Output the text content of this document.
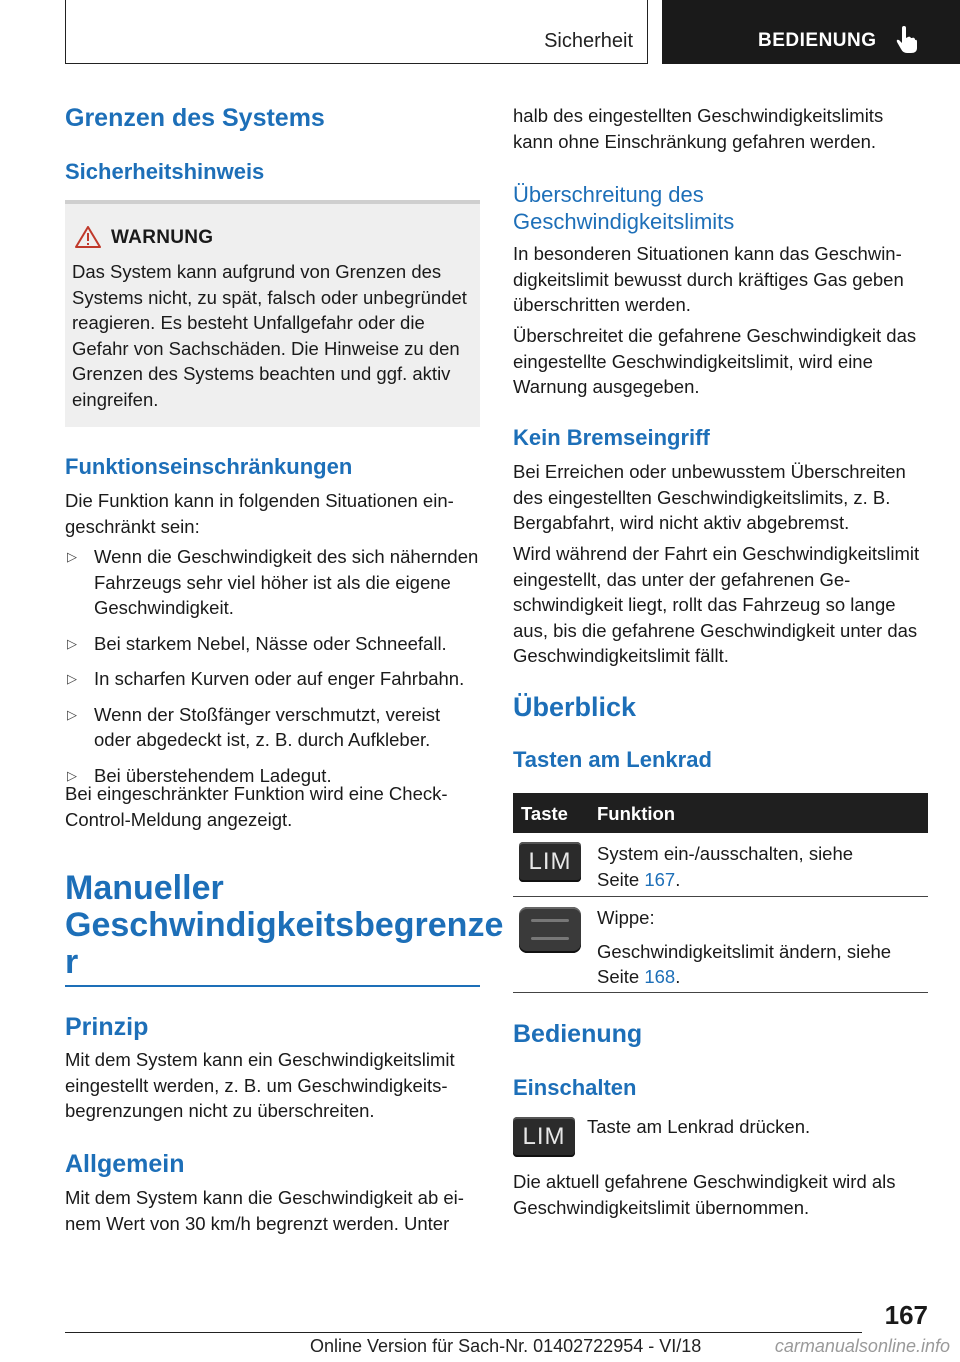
Sicherheit	BEDIENUNG
Grenzen des Systems
Sicherheitshinweis
WARNUNG

Das System kann aufgrund von Grenzen des Systems nicht, zu spät, falsch oder unbegründet reagieren. Es besteht Unfallgefahr oder die Gefahr von Sachschäden. Die Hinweise zu den Grenzen des Systems beachten und ggf. aktiv eingreifen.

Funktionseinschränkungen

Die Funktion kann in folgenden Situationen eingeschränkt sein:

▷ Wenn die Geschwindigkeit des sich nähernden Fahrzeugs sehr viel höher ist als die eigene Geschwindigkeit.
▷ Bei starkem Nebel, Nässe oder Schneefall.
▷ In scharfen Kurven oder auf enger Fahrbahn.
▷ Wenn der Stoßfänger verschmutzt, vereist oder abgedeckt ist, z. B. durch Aufkleber.
▷ Bei überstehendem Ladegut.

Bei eingeschränkter Funktion wird eine Check-Control-Meldung angezeigt.

Manueller
Geschwindigkeitsbegrenze
r
Prinzip

Mit dem System kann ein Geschwindigkeitslimit eingestellt werden, z. B. um Geschwindigkeitsbegrenzungen nicht zu überschreiten.

Allgemein

Mit dem System kann die Geschwindigkeit ab einem Wert von 30 km/h begrenzt werden. Unter

halb des eingestellten Geschwindigkeitslimits kann ohne Einschränkung gefahren werden.

Überschreitung des
Geschwindigkeitslimits

In besonderen Situationen kann das Geschwindigkeitslimit bewusst durch kräftiges Gas geben überschritten werden.

Überschreitet die gefahrene Geschwindigkeit das eingestellte Geschwindigkeitslimit, wird eine Warnung ausgegeben.

Kein Bremseingriff

Bei Erreichen oder unbewusstem Überschreiten des eingestellten Geschwindigkeitslimits, z. B. Bergabfahrt, wird nicht aktiv abgebremst.

Wird während der Fahrt ein Geschwindigkeitslimit eingestellt, das unter der gefahrenen Geschwindigkeit liegt, rollt das Fahrzeug so lange aus, bis die gefahrene Geschwindigkeit unter das Geschwindigkeitslimit fällt.

Überblick
Tasten am Lenkrad
Taste Funktion
LIM	System ein-/ausschalten, siehe
Seite 167.
Wippe:
Geschwindigkeitslimit ändern, siehe
Seite 168.
Bedienung
Einschalten
LIM	Taste am Lenkrad drücken.

Die aktuell gefahrene Geschwindigkeit wird als Geschwindigkeitslimit übernommen.

167
Online Version für Sach-Nr. 01402722954 - VI/18	carmanualsonline.info
